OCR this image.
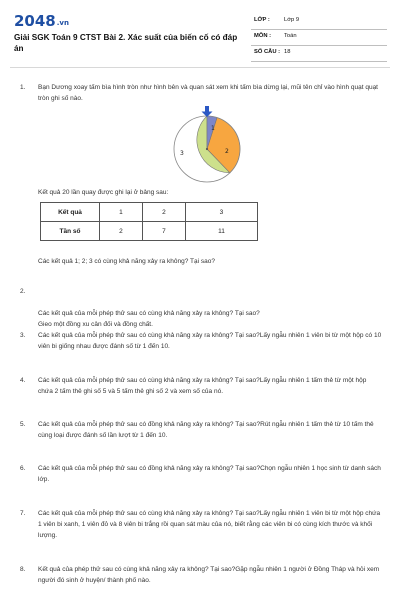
2048.vn
Giải SGK Toán 9 CTST Bài 2. Xác suất của biến cố có đáp án
LỚP : Lớp 9
MÔN : Toán
SỐ CÂU : 18
1. Bạn Dương xoay tấm bìa hình tròn như hình bên và quan sát xem khi tấm bìa dừng lại, mũi tên chỉ vào hình quạt quạt tròn ghi số nào.
1
2
3
Kết quả 20 lần quay được ghi lại ở bảng sau:
Kết quả	1	2	3
Tần số	2	7	11
Các kết quả 1; 2; 3 có cùng khả năng xảy ra không? Tại sao?

2.

Các kết quả của mỗi phép thử sau có cùng khả năng xảy ra không? Tại sao?
Gieo một đồng xu cân đối và đồng chất.

3. Các kết quả của mỗi phép thử sau có cùng khả năng xảy ra không? Tại sao?Lấy ngẫu nhiên 1 viên bi từ một hộp có 10 viên bi giống nhau được đánh số từ 1 đến 10.
4. Các kết quả của mỗi phép thử sau có cùng khả năng xảy ra không? Tại sao?Lấy ngẫu nhiên 1 tấm thẻ từ một hộp chứa 2 tấm thẻ ghi số 5 và 5 tấm thẻ ghi số 2 và xem số của nó.
5. Các kết quả của mỗi phép thử sau có đồng khả năng xảy ra không? Tại sao?Rút ngẫu nhiên 1 tấm thẻ từ 10 tấm thẻ cùng loại được đánh số lần lượt từ 1 đến 10.
6. Các kết quả của mỗi phép thử sau có đồng khả năng xảy ra không? Tại sao?Chọn ngẫu nhiên 1 học sinh từ danh sách lớp.
7. Các kết quả của mỗi phép thử sau có cùng khả năng xảy ra không? Tại sao?Lấy ngẫu nhiên 1 viên bi từ một hộp chứa 1 viên bi xanh, 1 viên đỏ và 8 viên bi trắng rồi quan sát màu của nó, biết rằng các viên bi có cùng kích thước và khối lượng.
8. Kết quả của phép thử sau có cùng khả năng xảy ra không? Tại sao?Gặp ngẫu nhiên 1 người ở Đồng Tháp và hỏi xem người đó sinh ở huyện/ thành phố nào.
